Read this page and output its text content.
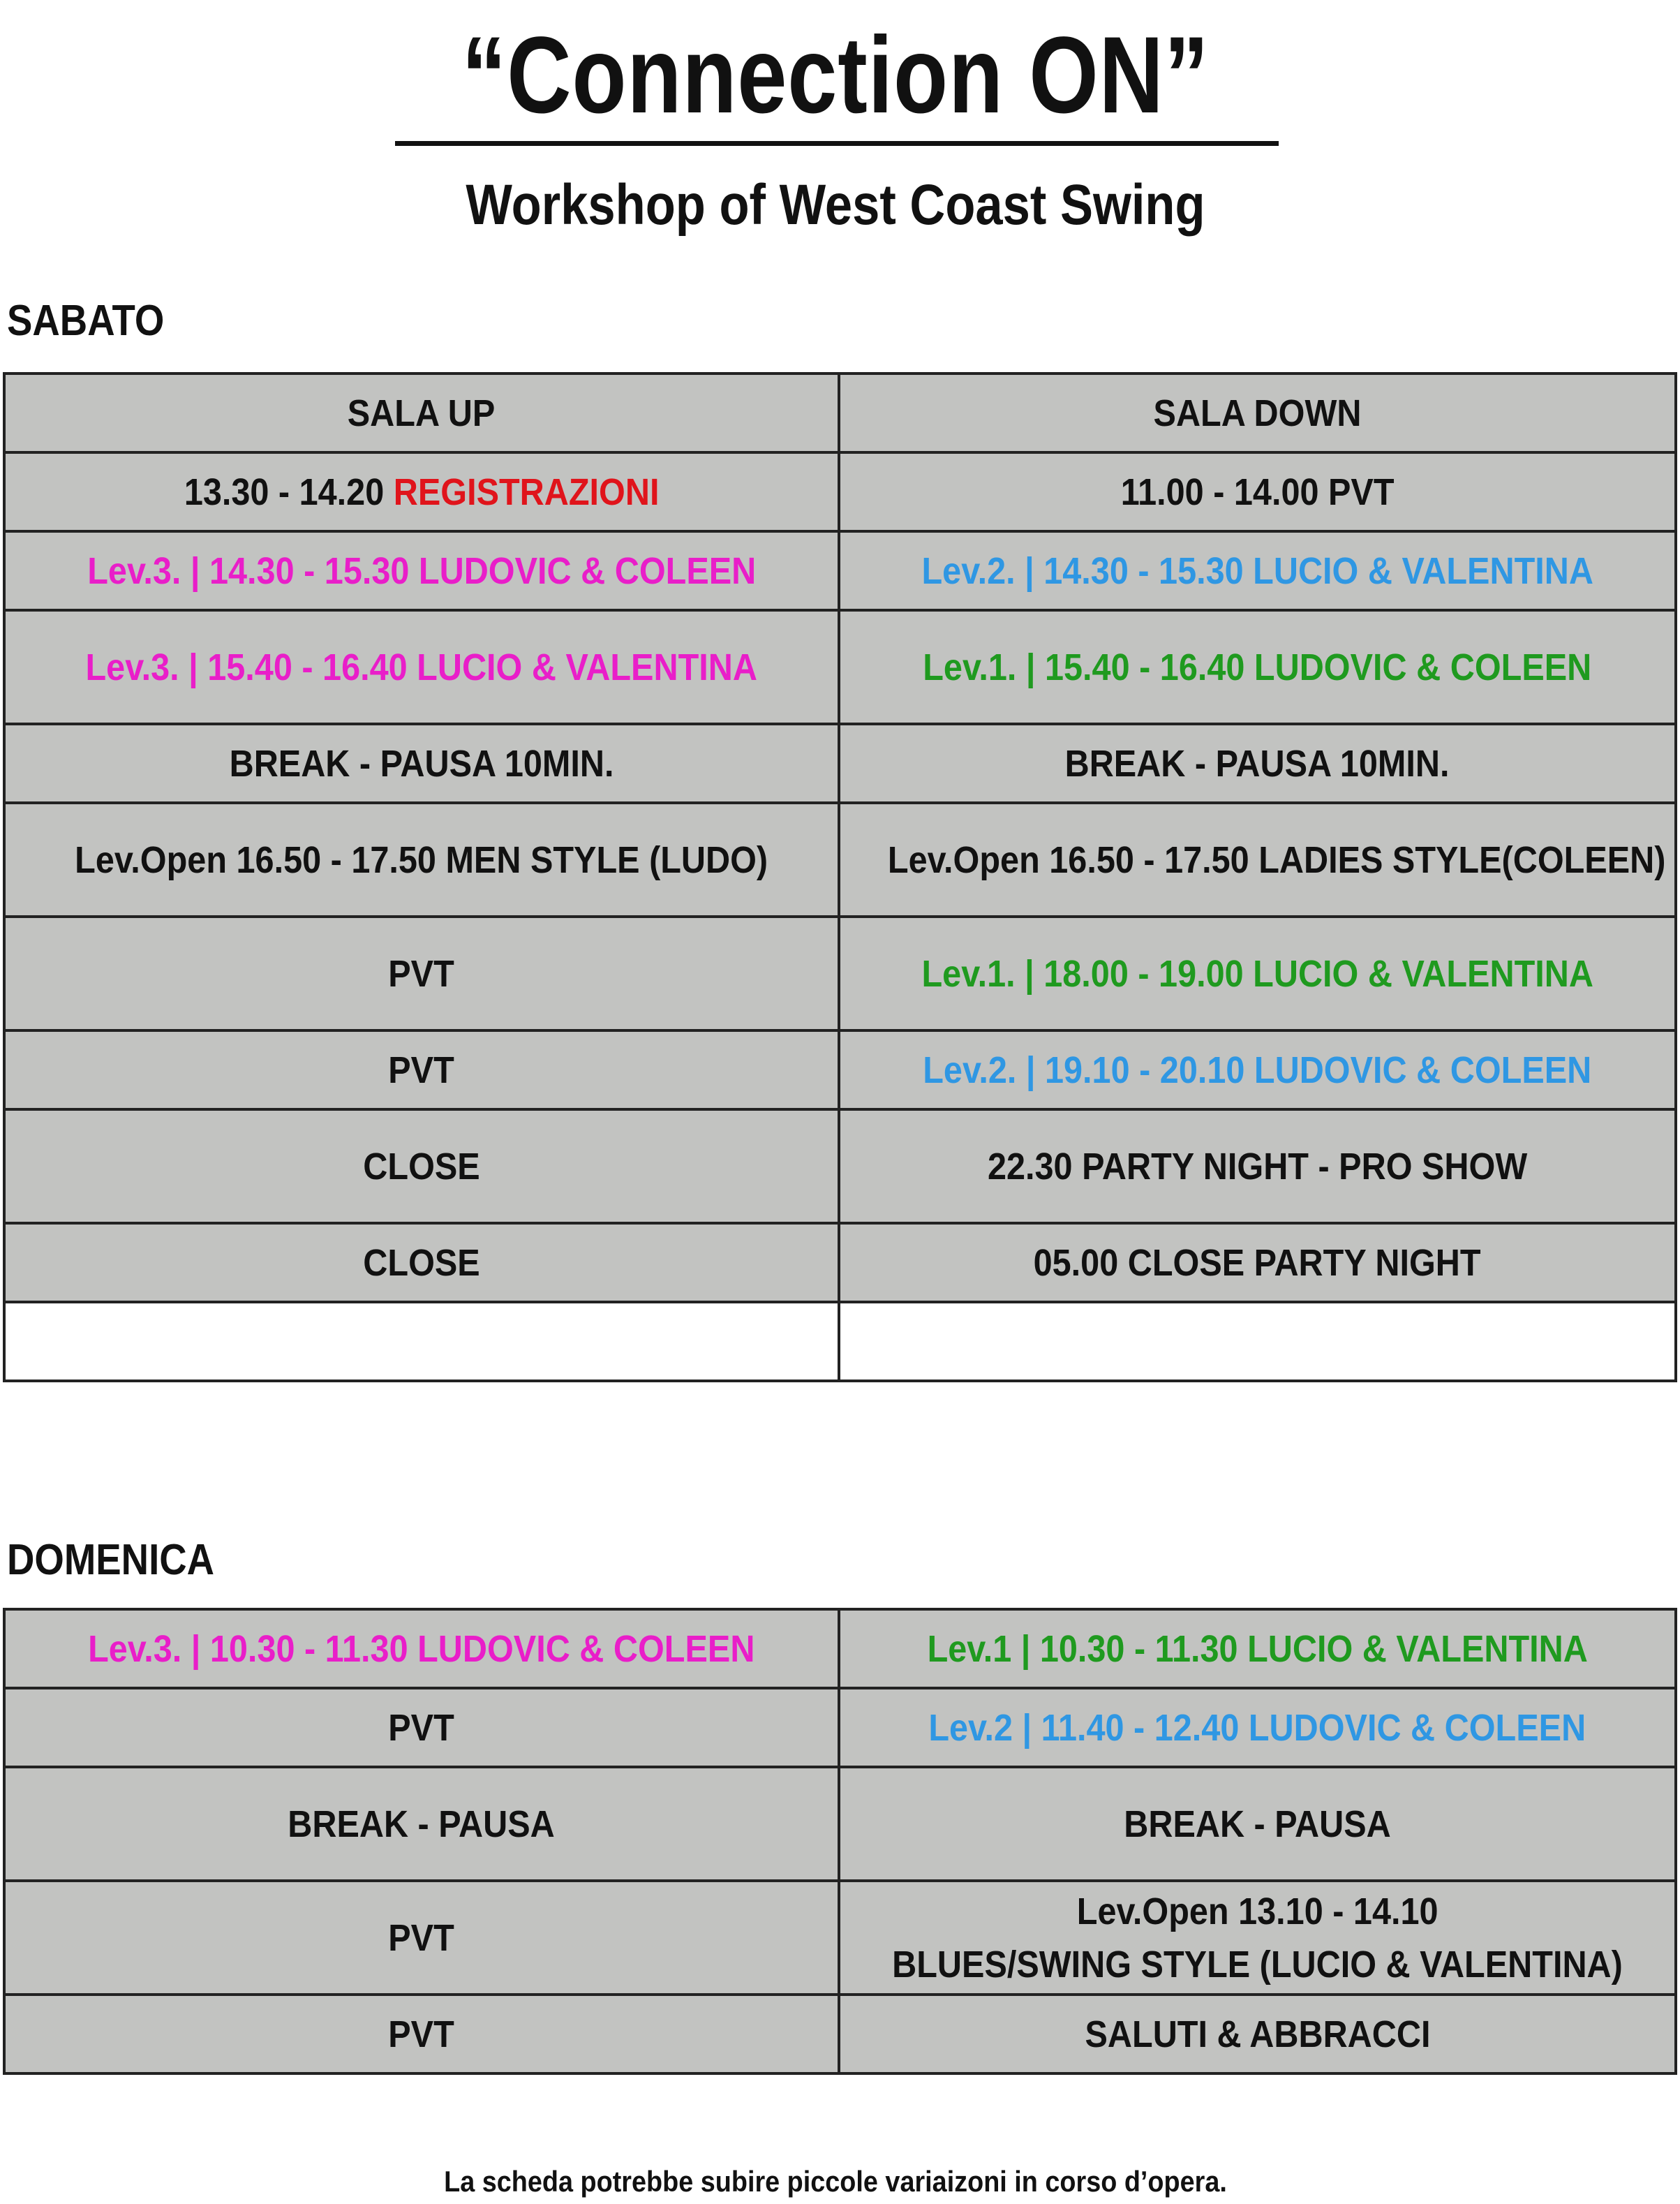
“Connection ON”
Workshop of West Coast Swing
SABATO
SALA UP	SALA DOWN
13.30 - 14.20 REGISTRAZIONI	11.00 - 14.00 PVT
Lev.3. | 14.30 - 15.30 LUDOVIC & COLEEN	Lev.2. | 14.30 - 15.30 LUCIO & VALENTINA
Lev.3. | 15.40 - 16.40 LUCIO & VALENTINA	Lev.1. | 15.40 - 16.40 LUDOVIC & COLEEN
BREAK - PAUSA 10MIN.	BREAK - PAUSA 10MIN.
Lev.Open 16.50 - 17.50 MEN STYLE (LUDO)	Lev.Open 16.50 - 17.50 LADIES STYLE(COLEEN)
PVT	Lev.1. | 18.00 - 19.00 LUCIO & VALENTINA
PVT	Lev.2. | 19.10 - 20.10 LUDOVIC & COLEEN
CLOSE	22.30 PARTY NIGHT - PRO SHOW
CLOSE	05.00 CLOSE PARTY NIGHT

DOMENICA
Lev.3. | 10.30 - 11.30 LUDOVIC & COLEEN	Lev.1 | 10.30 - 11.30 LUCIO & VALENTINA
PVT	Lev.2 | 11.40 - 12.40 LUDOVIC & COLEEN
BREAK - PAUSA	BREAK - PAUSA
PVT	Lev.Open 13.10 - 14.10
BLUES/SWING STYLE (LUCIO & VALENTINA)
PVT	SALUTI & ABBRACCI
La scheda potrebbe subire piccole variaizoni in corso d’opera.
